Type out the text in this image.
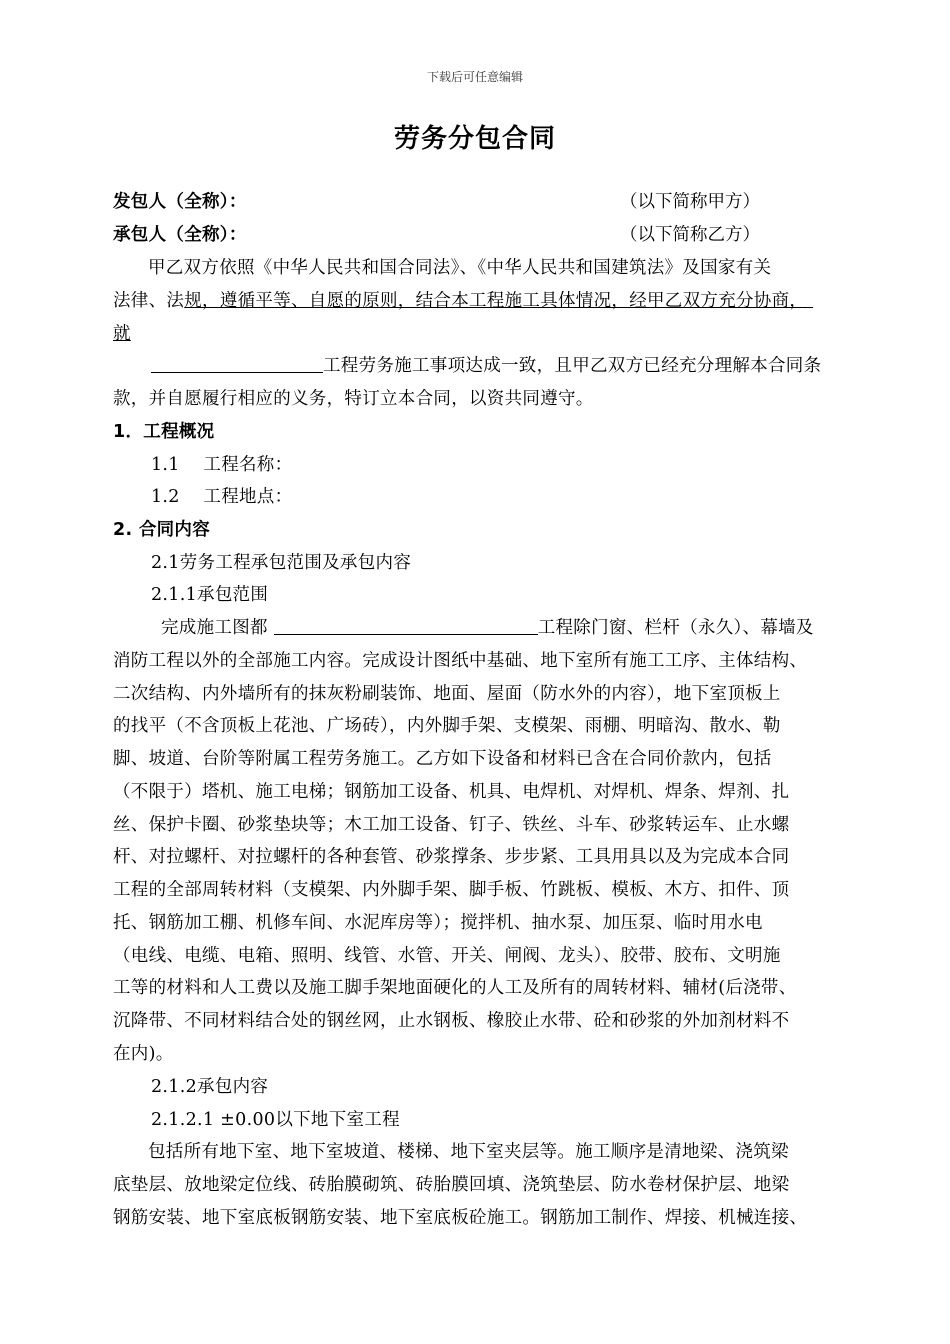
下载后可任意编辑
劳务分包合同
发包人（全称）：	（以下简称甲方）
承包人（全称）：	（以下简称乙方）
甲乙双方依照《中华人民共和国合同法》、《中华人民共和国建筑法》及国家有关
法律、法规，遵循平等、自愿的原则，结合本工程施工具体情况，经甲乙双方充分协商，
就
工程劳务施工事项达成一致，且甲乙双方已经充分理解本合同条
款，并自愿履行相应的义务，特订立本合同，以资共同遵守。
1．工程概况
1.1　 工程名称：
1.2　 工程地点：
2. 合同内容
2.1劳务工程承包范围及承包内容
2.1.1承包范围
完成施工图都	工程除门窗、栏杆（永久）、幕墙及
消防工程以外的全部施工内容。完成设计图纸中基础、地下室所有施工工序、主体结构、
二次结构、内外墙所有的抹灰粉刷装饰、地面、屋面（防水外的内容），地下室顶板上
的找平（不含顶板上花池、广场砖），内外脚手架、支模架、雨棚、明暗沟、散水、勒
脚、坡道、台阶等附属工程劳务施工。乙方如下设备和材料已含在合同价款内，包括
（不限于）塔机、施工电梯；钢筋加工设备、机具、电焊机、对焊机、焊条、焊剂、扎
丝、保护卡圈、砂浆垫块等；木工加工设备、钉子、铁丝、斗车、砂浆转运车、止水螺
杆、对拉螺杆、对拉螺杆的各种套管、砂浆撑条、步步紧、工具用具以及为完成本合同
工程的全部周转材料（支模架、内外脚手架、脚手板、竹跳板、模板、木方、扣件、顶
托、钢筋加工棚、机修车间、水泥库房等）；搅拌机、抽水泵、加压泵、临时用水电
（电线、电缆、电箱、照明、线管、水管、开关、闸阀、龙头）、胶带、胶布、文明施
工等的材料和人工费以及施工脚手架地面硬化的人工及所有的周转材料、辅材(后浇带、
沉降带、不同材料结合处的钢丝网，止水钢板、橡胶止水带、砼和砂浆的外加剂材料不
在内)。
2.1.2承包内容
2.1.2.1 ±0.00以下地下室工程
包括所有地下室、地下室坡道、楼梯、地下室夹层等。施工顺序是清地梁、浇筑梁
底垫层、放地梁定位线、砖胎膜砌筑、砖胎膜回填、浇筑垫层、防水卷材保护层、地梁
钢筋安装、地下室底板钢筋安装、地下室底板砼施工。钢筋加工制作、焊接、机械连接、
